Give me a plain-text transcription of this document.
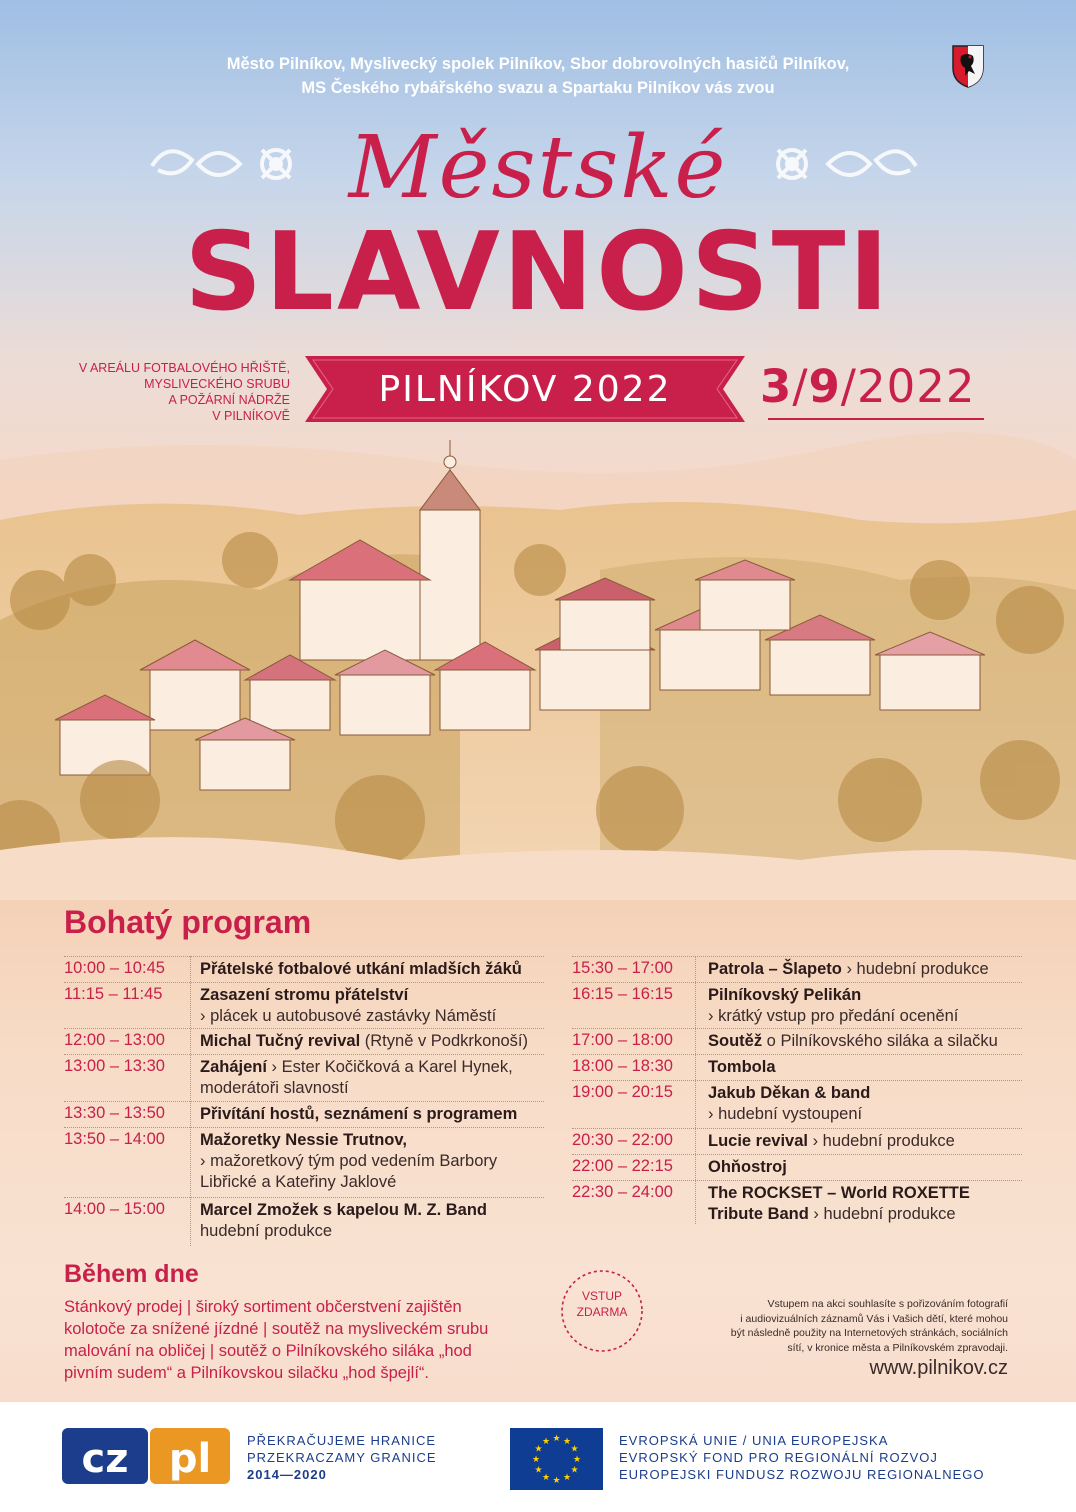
Město Pilníkov, Myslivecký spolek Pilníkov, Sbor dobrovolných hasičů Pilníkov,
MS Českého rybářského svazu a Spartaku Pilníkov vás zvou
Městské
SLAVNOSTI
V AREÁLU FOTBALOVÉHO HŘIŠTĚ,
MYSLIVECKÉHO SRUBU
A POŽÁRNÍ NÁDRŽE
V PILNÍKOVĚ
PILNÍKOV 2022	3/9/2022
Bohatý program
10:00 – 10:45 Přátelské fotbalové utkání mladších žáků
11:15 – 11:45 Zasazení stromu přátelství
› plácek u autobusové zastávky Náměstí
12:00 – 13:00 Michal Tučný revival (Rtyně v Podkrkonoší)
13:00 – 13:30 Zahájení › Ester Kočičková a Karel Hynek, moderátoři slavností
13:30 – 13:50 Přivítání hostů, seznámení s programem
13:50 – 14:00 Mažoretky Nessie Trutnov,
› mažoretkový tým pod vedením Barbory Libřické a Kateřiny Jaklové
14:00 – 15:00 Marcel Zmožek s kapelou M. Z. Band
hudební produkce
15:30 – 17:00 Patrola – Šlapeto › hudební produkce
16:15 – 16:15 Pilníkovský Pelikán
› krátký vstup pro předání ocenění
17:00 – 18:00 Soutěž o Pilníkovského siláka a silačku
18:00 – 18:30 Tombola
19:00 – 20:15 Jakub Děkan & band
› hudební vystoupení
20:30 – 22:00 Lucie revival › hudební produkce
22:00 – 22:15 Ohňostroj
22:30 – 24:00 The ROCKSET – World ROXETTE Tribute Band › hudební produkce
Během dne
Stánkový prodej | široký sortiment občerstvení zajištěn
kolotoče za snížené jízdné | soutěž na mysliveckém srubu
malování na obličej | soutěž o Pilníkovského siláka „hod
pivním sudem“ a Pilníkovskou silačku „hod špejlí“.
VSTUP
ZDARMA
Vstupem na akci souhlasíte s pořizováním fotografií
i audiovizuálních záznamů Vás i Vašich dětí, které mohou
být následně použity na Internetových stránkách, sociálních
sítí, v kronice města a Pilníkovském zpravodaji.
www.pilnikov.cz
cz pl	PŘEKRAČUJEME HRANICE
PRZEKRACZAMY GRANICE
2014—2020
★ ★
★
★
★
★
★
★
★
★
★
★	EVROPSKÁ UNIE / UNIA EUROPEJSKA
EVROPSKÝ FOND PRO REGIONÁLNÍ ROZVOJ
EUROPEJSKI FUNDUSZ ROZWOJU REGIONALNEGO
